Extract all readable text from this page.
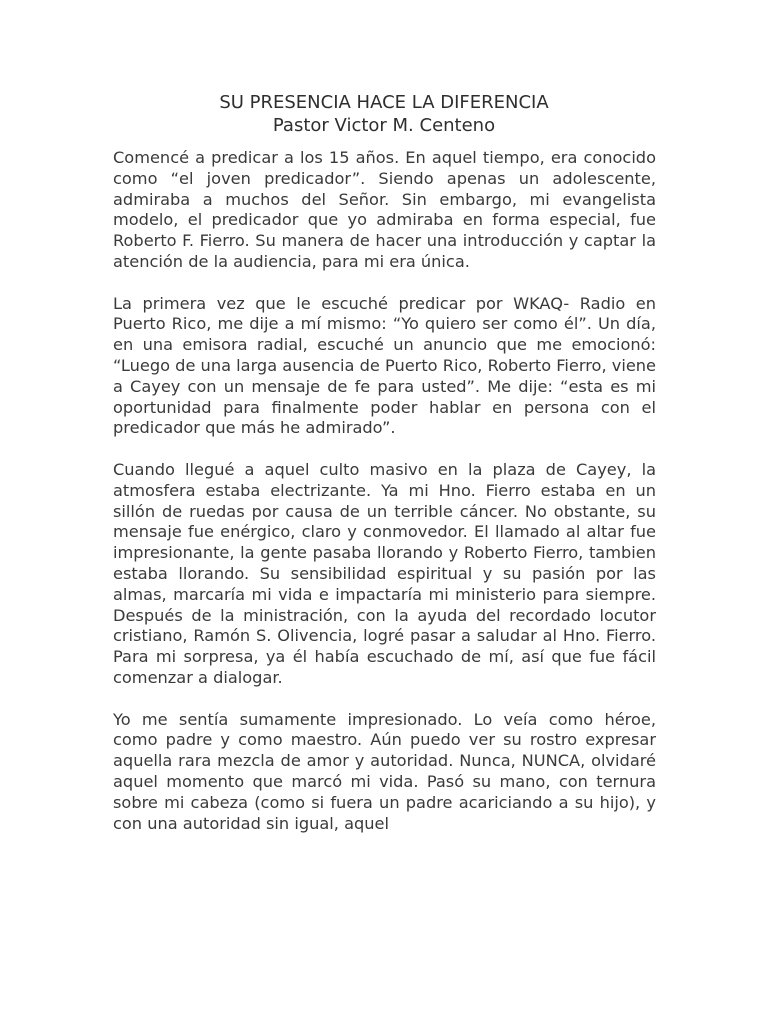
SU PRESENCIA HACE LA DIFERENCIA
Pastor Victor M. Centeno

Comencé a predicar a los 15 años. En aquel tiempo, era conocido como “el joven predicador”. Siendo apenas un adolescente, admiraba a muchos del Señor. Sin embargo, mi evangelista modelo, el predicador que yo admiraba en forma especial, fue Roberto F. Fierro. Su manera de hacer una introducción y captar la atención de la audiencia, para mi era única.

La primera vez que le escuché predicar por WKAQ- Radio en Puerto Rico, me dije a mí mismo: “Yo quiero ser como él”. Un día, en una emisora radial, escuché un anuncio que me emocionó: “Luego de una larga ausencia de Puerto Rico, Roberto Fierro, viene a Cayey con un mensaje de fe para usted”. Me dije: “esta es mi oportunidad para finalmente poder hablar en persona con el predicador que más he admirado”.

Cuando llegué a aquel culto masivo en la plaza de Cayey, la atmosfera estaba electrizante. Ya mi Hno. Fierro estaba en un sillón de ruedas por causa de un terrible cáncer. No obstante, su mensaje fue enérgico, claro y conmovedor. El llamado al altar fue impresionante, la gente pasaba llorando y Roberto Fierro, tambien estaba llorando. Su sensibilidad espiritual y su pasión por las almas, marcaría mi vida e impactaría mi ministerio para siempre. Después de la ministración, con la ayuda del recordado locutor cristiano, Ramón S. Olivencia, logré pasar a saludar al Hno. Fierro. Para mi sorpresa, ya él había escuchado de mí, así que fue fácil comenzar a dialogar.

Yo me sentía sumamente impresionado. Lo veía como héroe, como padre y como maestro. Aún puedo ver su rostro expresar aquella rara mezcla de amor y autoridad. Nunca, NUNCA, olvidaré aquel momento que marcó mi vida. Pasó su mano, con ternura sobre mi cabeza (como si fuera un padre acariciando a su hijo), y con una autoridad sin igual, aquel
